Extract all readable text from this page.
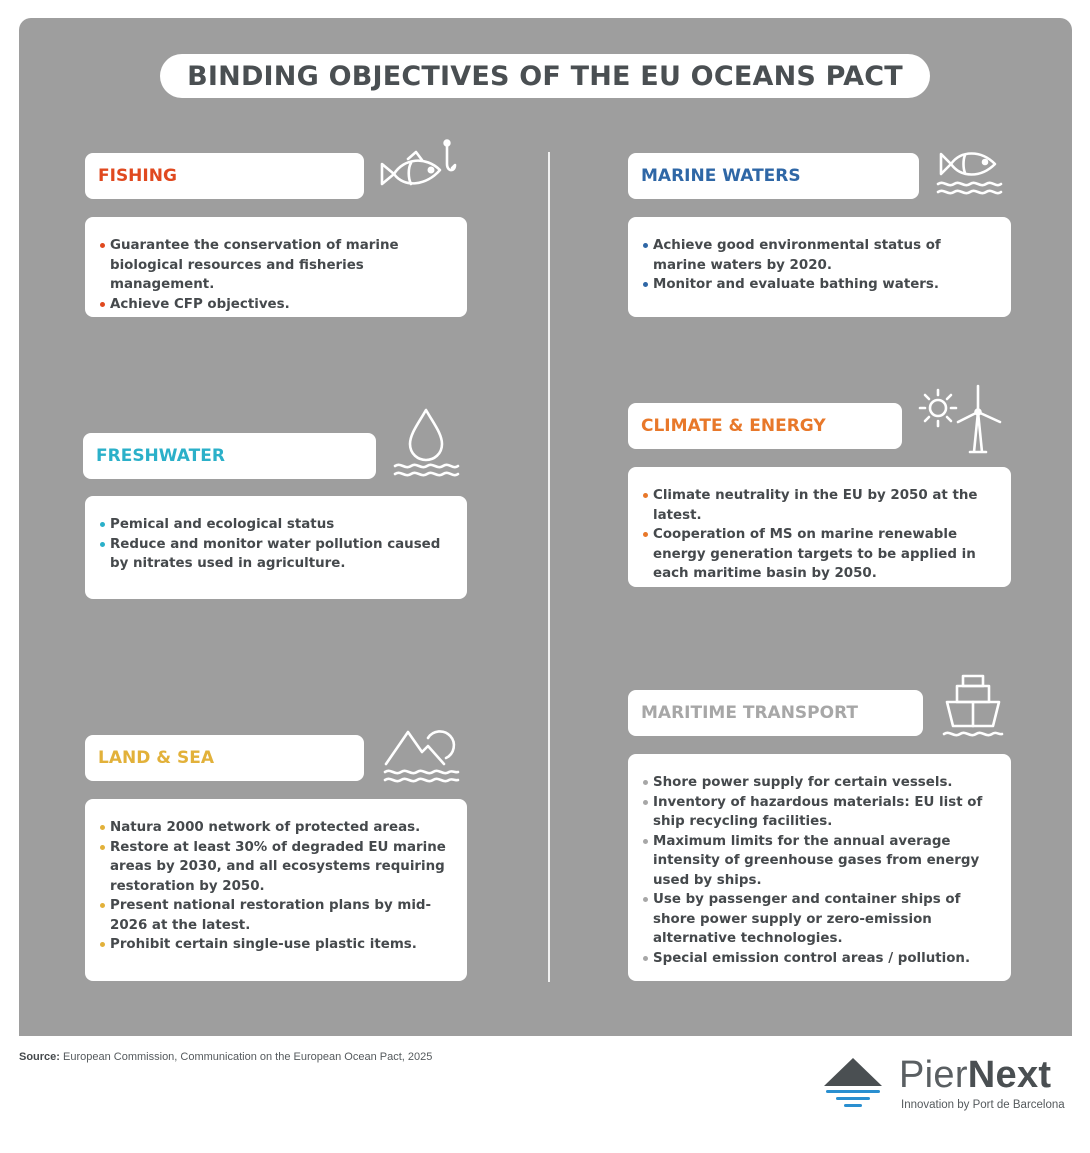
BINDING OBJECTIVES OF THE EU OCEANS PACT
FISHING
Guarantee the conservation of marine biological resources and fisheries management.
Achieve CFP objectives.
MARINE WATERS
Achieve good environmental status of marine waters by 2020.
Monitor and evaluate bathing waters.
FRESHWATER
Pemical and ecological status
Reduce and monitor water pollution caused by nitrates used in agriculture.
CLIMATE & ENERGY
Climate neutrality in the EU by 2050 at the latest.
Cooperation of MS on marine renewable energy generation targets to be applied in each maritime basin by 2050.
MARITIME TRANSPORT
Shore power supply for certain vessels.
Inventory of hazardous materials: EU list of ship recycling facilities.
Maximum limits for the annual average intensity of greenhouse gases from energy used by ships.
Use by passenger and container ships of shore power supply or zero-emission alternative technologies.
Special emission control areas / pollution.
LAND & SEA
Natura 2000 network of protected areas.
Restore at least 30% of degraded EU marine areas by 2030, and all ecosystems requiring restoration by 2050.
Present national restoration plans by mid-2026 at the latest.
Prohibit certain single-use plastic items.
Source: European Commission, Communication on the European Ocean Pact, 2025	PierNext
Innovation by Port de Barcelona
